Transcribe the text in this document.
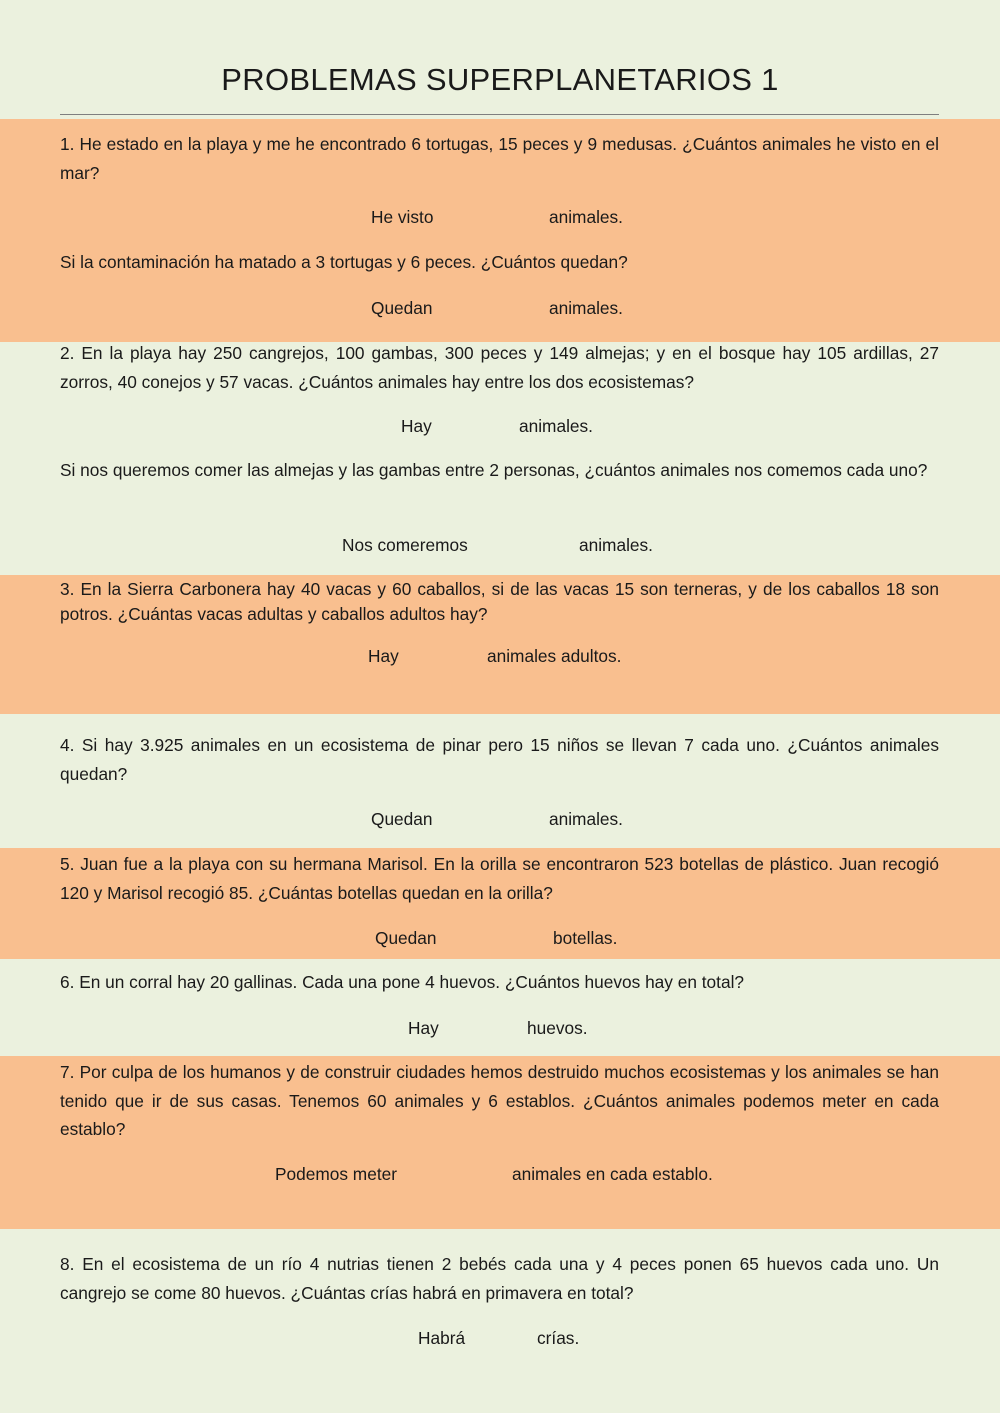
PROBLEMAS SUPERPLANETARIOS 1
1. He estado en la playa y me he encontrado 6 tortugas, 15 peces y 9 medusas. ¿Cuántos animales he visto en el mar?
He visto	animales.
Si la contaminación ha matado a 3 tortugas y 6 peces. ¿Cuántos quedan?
Quedan	animales.
2. En la playa hay 250 cangrejos, 100 gambas, 300 peces y 149 almejas; y en el bosque hay 105 ardillas, 27 zorros, 40 conejos y 57 vacas. ¿Cuántos animales hay entre los dos ecosistemas?
Hay	animales.
Si nos queremos comer las almejas y las gambas entre 2 personas, ¿cuántos animales nos comemos cada uno?
Nos comeremos	animales.
3. En la Sierra Carbonera hay 40 vacas y 60 caballos, si de las vacas 15 son terneras, y de los caballos 18 son potros. ¿Cuántas vacas adultas y caballos adultos hay?
Hay	animales adultos.
4. Si hay 3.925 animales en un ecosistema de pinar pero 15 niños se llevan 7 cada uno. ¿Cuántos animales quedan?
Quedan	animales.
5. Juan fue a la playa con su hermana Marisol. En la orilla se encontraron 523 botellas de plástico. Juan recogió 120 y Marisol recogió 85. ¿Cuántas botellas quedan en la orilla?
Quedan	botellas.
6. En un corral hay 20 gallinas. Cada una pone 4 huevos. ¿Cuántos huevos hay en total?
Hay	huevos.
7. Por culpa de los humanos y de construir ciudades hemos destruido muchos ecosistemas y los animales se han tenido que ir de sus casas. Tenemos 60 animales y 6 establos. ¿Cuántos animales podemos meter en cada establo?
Podemos meter	animales en cada establo.
8. En el ecosistema de un río 4 nutrias tienen 2 bebés cada una y 4 peces ponen 65 huevos cada uno. Un cangrejo se come 80 huevos. ¿Cuántas crías habrá en primavera en total?
Habrá	crías.
